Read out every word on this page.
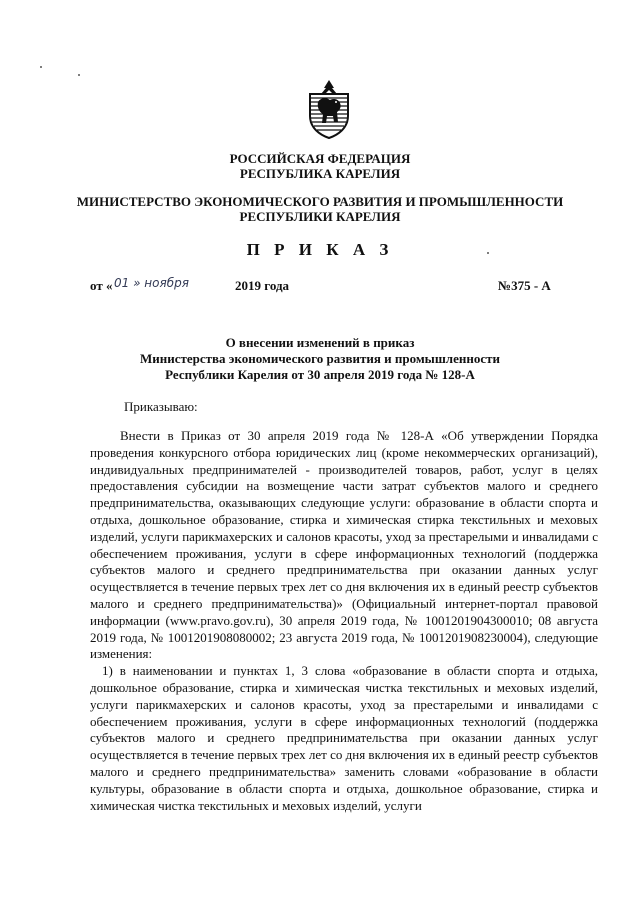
РОССИЙСКАЯ ФЕДЕРАЦИЯ
РЕСПУБЛИКА КАРЕЛИЯ
МИНИСТЕРСТВО ЭКОНОМИЧЕСКОГО РАЗВИТИЯ И ПРОМЫШЛЕННОСТИ
РЕСПУБЛИКИ КАРЕЛИЯ
П Р И К А З
от « 01 » ноября	2019 года	№375 - А
О внесении изменений в приказ
Министерства экономического развития и промышленности
Республики Карелия от 30 апреля 2019 года № 128-А
Приказываю:

Внести в Приказ от 30 апреля 2019 года № 128-А «Об утверждении Порядка проведения конкурсного отбора юридических лиц (кроме некоммерческих организаций), индивидуальных предпринимателей - производителей товаров, работ, услуг в целях предоставления субсидии на возмещение части затрат субъектов малого и среднего предпринимательства, оказывающих следующие услуги: образование в области спорта и отдыха, дошкольное образование, стирка и химическая стирка текстильных и меховых изделий, услуги парикмахерских и салонов красоты, уход за престарелыми и инвалидами с обеспечением проживания, услуги в сфере информационных технологий (поддержка субъектов малого и среднего предпринимательства при оказании данных услуг осуществляется в течение первых трех лет со дня включения их в единый реестр субъектов малого и среднего предпринимательства)» (Официальный интернет-портал правовой информации (www.pravo.gov.ru), 30 апреля 2019 года, № 1001201904300010; 08 августа 2019 года, № 1001201908080002; 23 августа 2019 года, № 1001201908230004), следующие изменения:

1) в наименовании и пунктах 1, 3 слова «образование в области спорта и отдыха, дошкольное образование, стирка и химическая чистка текстильных и меховых изделий, услуги парикмахерских и салонов красоты, уход за престарелыми и инвалидами с обеспечением проживания, услуги в сфере информационных технологий (поддержка субъектов малого и среднего предпринимательства при оказании данных услуг осуществляется в течение первых трех лет со дня включения их в единый реестр субъектов малого и среднего предпринимательства» заменить словами «образование в области культуры, образование в области спорта и отдыха, дошкольное образование, стирка и химическая чистка текстильных и меховых изделий, услуги
